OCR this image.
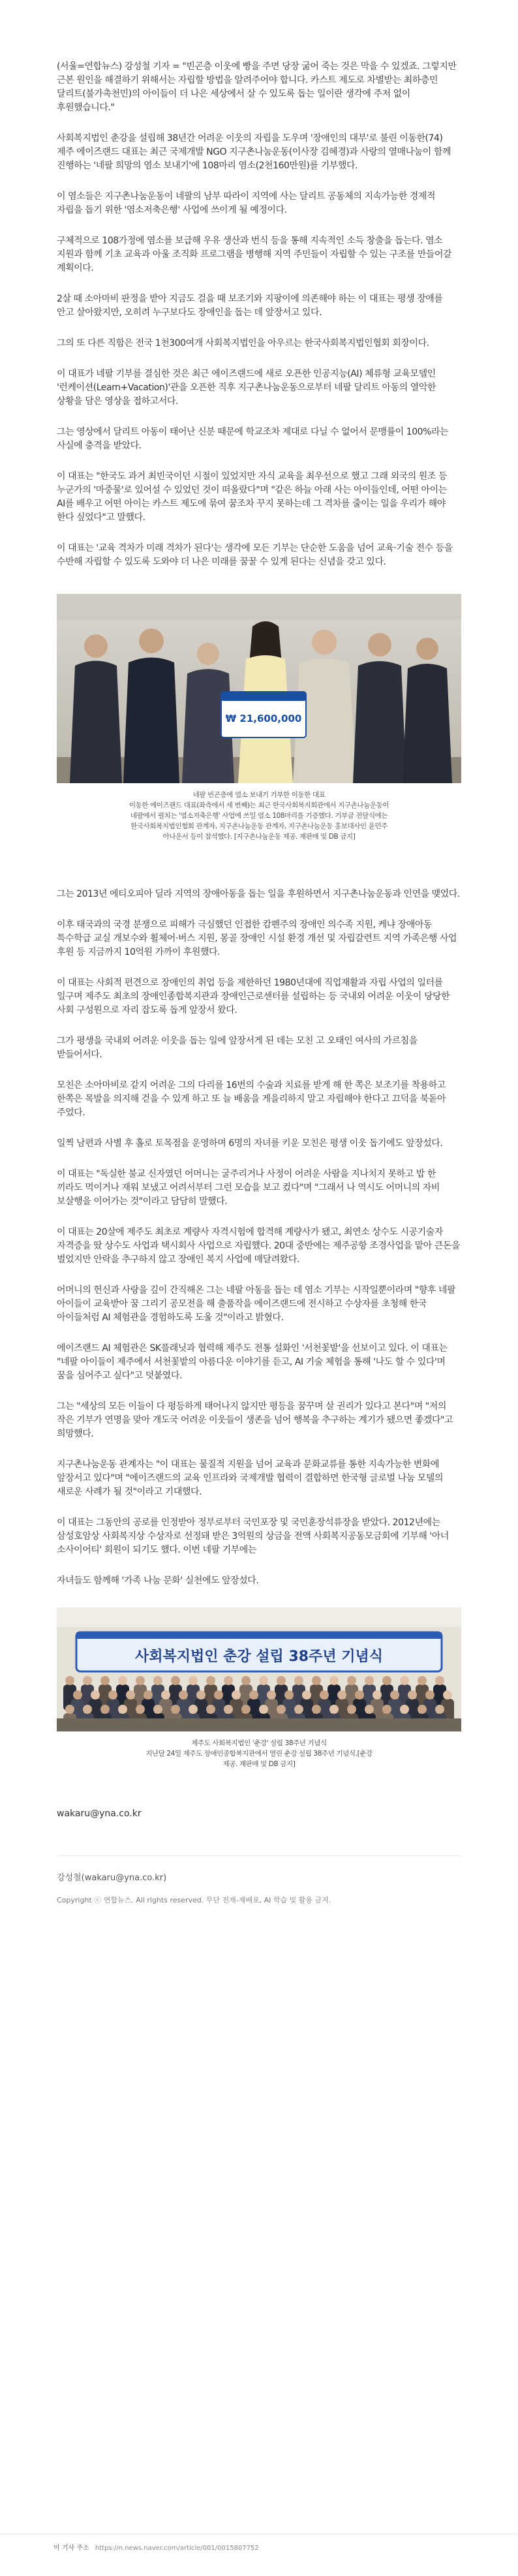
(서울=연합뉴스) 강성철 기자 = "빈곤층 이웃에 빵을 주면 당장 굶어 죽는 것은 막을 수 있겠죠. 그렇지만 근본 원인을 해결하기 위해서는 자립할 방법을 알려주어야 합니다. 카스트 제도로 차별받는 최하층민 달리트(불가촉천민)의 아이들이 더 나은 세상에서 살 수 있도록 돕는 일이란 생각에 주저 없이 후원했습니다."

사회복지법인 춘강을 설립해 38년간 어려운 이웃의 자립을 도우며 '장애인의 대부'로 불린 이동한(74) 제주 에이즈랜드 대표는 최근 국제개발 NGO 지구촌나눔운동(이사장 김혜경)과 사랑의 열매나눔이 함께 진행하는 '네팔 희망의 염소 보내기'에 108마리 염소(2천160만원)를 기부했다.

이 염소들은 지구촌나눔운동이 네팔의 남부 따라이 지역에 사는 달리트 공동체의 지속가능한 경제적 자립을 돕기 위한 '염소저축은행' 사업에 쓰이게 될 예정이다.

구체적으로 108가정에 염소를 보급해 우유 생산과 번식 등을 통해 지속적인 소득 창출을 돕는다. 염소 지원과 함께 기초 교육과 아울 조직화 프로그램을 병행해 지역 주민들이 자립할 수 있는 구조를 만들어갈 계획이다.

2살 때 소아마비 판정을 받아 지금도 걸을 때 보조기와 지팡이에 의존해야 하는 이 대표는 평생 장애를 안고 살아왔지만, 오히려 누구보다도 장애인을 돕는 데 앞장서고 있다.

그의 또 다른 직함은 전국 1천300여개 사회복지법인을 아우르는 한국사회복지법인협회 회장이다.

이 대표가 네팔 기부를 결심한 것은 최근 에이즈랜드에 새로 오픈한 인공지능(AI) 체류형 교육모델인 '런케이션(Learn+Vacation)'관을 오픈한 직후 지구촌나눔운동으로부터 네팔 달리트 아동의 열악한 상황을 담은 영상을 접하고서다.

그는 영상에서 달리트 아동이 태어난 신분 때문에 학교조차 제대로 다닐 수 없어서 문맹률이 100%라는 사실에 충격을 받았다.

이 대표는 "한국도 과거 최빈국이던 시절이 있었지만 자식 교육을 최우선으로 했고 그래 외국의 원조 등 누군가의 '마중물'로 있어설 수 있었던 것이 떠올랐다"며 "같은 하늘 아래 사는 아이들인데, 어떤 아이는 AI를 배우고 어떤 아이는 카스트 제도에 묶여 꿈조차 꾸지 못하는데 그 격차를 줄이는 일을 우리가 해야 한다 싶었다"고 말했다.

이 대표는 '교육 격차가 미래 격차가 된다'는 생각에 모든 기부는 단순한 도움을 넘어 교육·기술 전수 등을 수반해 자립할 수 있도록 도와야 더 나은 미래를 꿈꿀 수 있게 된다는 신념을 갖고 있다.

₩ 21,600,000
네팔 빈곤층에 염소 보내기 기부한 이동한 대표
이동한 에이즈랜드 대표(좌측에서 세 번째)는 최근 한국사회복지회관에서 지구촌나눔운동이 네팔에서 펼치는 '염소저축은행' 사업에 쓰일 염소 108마리를 기증했다. 기부금 전달식에는 한국사회복지법인협회 관계자, 지구촌나눔운동 관계자, 지구촌나눔운동 홍보대사인 윤민주 아나운서 등이 참석했다. [지구촌나눔운동 제공. 재판매 및 DB 금지]

그는 2013년 에티오피아 딜라 지역의 장애아동을 돕는 일을 후원하면서 지구촌나눔운동과 인연을 맺었다.

이후 태국과의 국경 분쟁으로 피해가 극심했던 인접한 캄펜주의 장애인 의수족 지원, 케냐 장애아동 특수학급 교실 개보수와 휠체어·버스 지원, 몽골 장애인 시설 환경 개선 및 자립갈련트 지역 가족은행 사업 후원 등 지금까지 10억원 가까이 후원했다.

이 대표는 사회적 편견으로 장애인의 취업 등을 제한하던 1980년대에 직업재활과 자립 사업의 일터를 일구며 제주도 최초의 장애인종합복지관과 장애인근로센터를 설립하는 등 국내외 어려운 이웃이 당당한 사회 구성원으로 자리 잡도록 돕게 앞장서 왔다.

그가 평생을 국내외 어려운 이웃을 돕는 일에 앞장서게 된 데는 모친 고 오태인 여사의 가르침을 받들어서다.

모친은 소아마비로 같지 어려운 그의 다리를 16번의 수술과 치료를 받게 해 한 쪽은 보조기를 착용하고 한쪽은 목발을 의지해 걷을 수 있게 하고 또 늘 배움을 게을리하지 말고 자립해야 한다고 끄덕을 북돋아 주었다.

일찍 남편과 사별 후 홀로 토목점을 운영하며 6명의 자녀를 키운 모친은 평생 이웃 돕기에도 앞장섰다.

이 대표는 "독실한 불교 신자였던 어머니는 굴주리거나 사정이 어려운 사람을 지나치지 못하고 밥 한 끼라도 먹이거나 재워 보냈고 어려서부터 그런 모습을 보고 컸다"며 "그래서 나 역시도 어머니의 자비 보살행을 이어가는 것"이라고 담담히 말했다.

이 대표는 20살에 제주도 최초로 계량사 자격시험에 합격해 계량사가 됐고, 최연소 상수도 시공기술자 자격증을 땄 상수도 사업과 택시회사 사업으로 자립했다. 20대 중반에는 제주공항 조경사업을 맡아 큰돈을 벌었지만 안락을 추구하지 않고 장애인 복지 사업에 매달려왔다.

어머니의 헌신과 사랑을 깊이 간직해온 그는 네팔 아동을 돕는 데 염소 기부는 시작일뿐이라며 "향후 네팔 아이들이 교육받아 꿈 그리기 공모전을 해 출품작을 에이즈랜드에 전시하고 수상자를 초청해 한국 아이들처럼 AI 체험관을 경험하도록 도울 것"이라고 밝혔다.

에이즈랜드 AI 체험관은 SK플래닛과 협력해 제주도 전통 설화인 '서천꽃밭'을 선보이고 있다. 이 대표는 "네팔 아이들이 제주에서 서천꽃밭의 아름다운 이야기를 듣고, AI 기술 체험을 통해 '나도 할 수 있다'며 꿈을 심어주고 싶다"고 덧붙였다.

그는 "세상의 모든 이들이 다 평등하게 태어나지 않지만 평등을 꿈꾸며 살 권리가 있다고 본다"며 "저의 작은 기부가 연명을 맞아 개도국 어려운 이웃들이 생존을 넘어 행복을 추구하는 계기가 됐으면 좋겠다"고 희망했다.

지구촌나눔운동 관계자는 "이 대표는 물질적 지원을 넘어 교육과 문화교류를 통한 지속가능한 변화에 앞장서고 있다"며 "에이즈랜드의 교육 인프라와 국제개발 협력이 결합하면 한국형 글로벌 나눔 모델의 새로운 사례가 될 것"이라고 기대했다.

이 대표는 그동안의 공로를 인정받아 정부로부터 국민포장 및 국민훈장석류장을 받았다. 2012년에는 삼성호암상 사회복지상 수상자로 선정돼 받은 3억원의 상금을 전액 사회복지공동모금회에 기부해 '아너 소사이어티' 회원이 되기도 했다. 이번 네팔 기부에는

자녀들도 함께해 '가족 나눔 문화' 실천에도 앞장섰다.

사회복지법인 춘강 설립 38주년 기념식
제주도 사회복지법인 '춘강' 설립 38주년 기념식
지난달 24일 제주도 장애인종합복지관에서 열린 춘강 설립 38주년 기념식.[춘강 제공. 재판매 및 DB 금지]
wakaru@yna.co.kr
강성철(wakaru@yna.co.kr)

Copyright ⓒ 연합뉴스. All rights reserved. 무단 전재-재배포, AI 학습 및 활용 금지.

이 기사 주소 https://n.news.naver.com/article/001/0015807752
